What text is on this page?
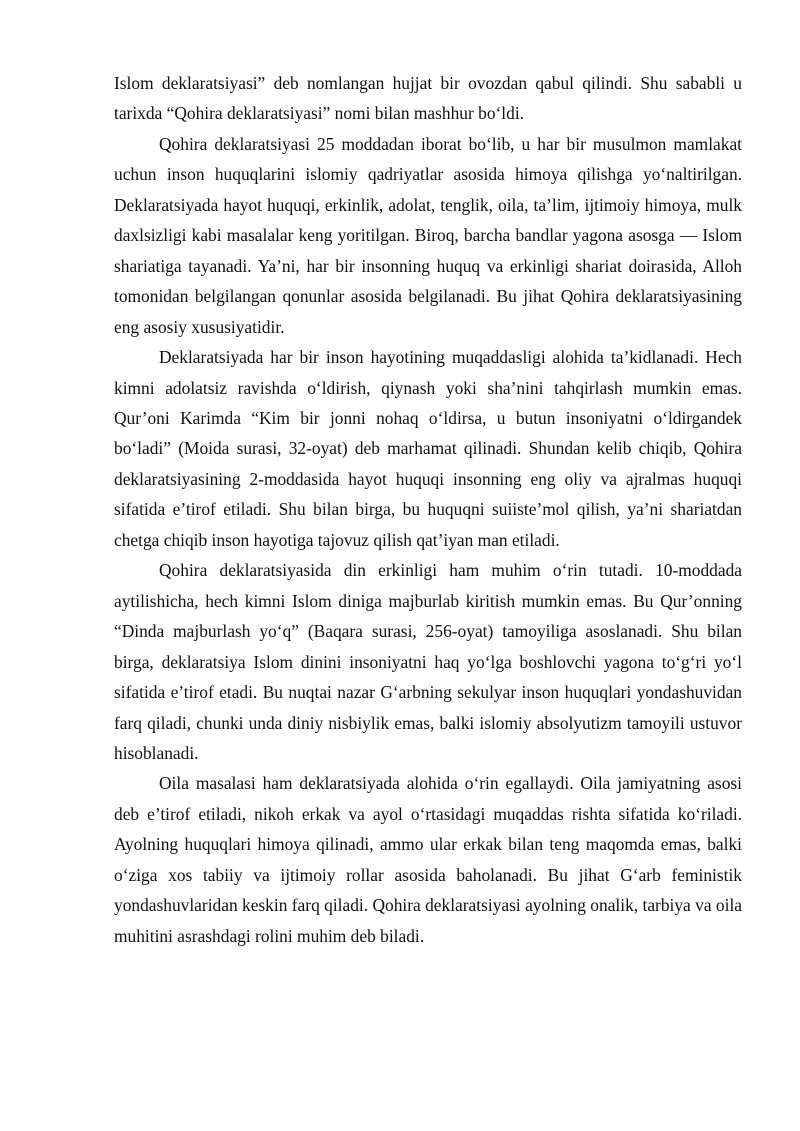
Islom deklaratsiyasi” deb nomlangan hujjat bir ovozdan qabul qilindi. Shu sababli u tarixda “Qohira deklaratsiyasi” nomi bilan mashhur bo‘ldi.

Qohira deklaratsiyasi 25 moddadan iborat bo‘lib, u har bir musulmon mamlakat uchun inson huquqlarini islomiy qadriyatlar asosida himoya qilishga yo‘naltirilgan. Deklaratsiyada hayot huquqi, erkinlik, adolat, tenglik, oila, ta’lim, ijtimoiy himoya, mulk daxlsizligi kabi masalalar keng yoritilgan. Biroq, barcha bandlar yagona asosga — Islom shariatiga tayanadi. Ya’ni, har bir insonning huquq va erkinligi shariat doirasida, Alloh tomonidan belgilangan qonunlar asosida belgilanadi. Bu jihat Qohira deklaratsiyasining eng asosiy xususiyatidir.

Deklaratsiyada har bir inson hayotining muqaddasligi alohida ta’kidlanadi. Hech kimni adolatsiz ravishda o‘ldirish, qiynash yoki sha’nini tahqirlash mumkin emas. Qur’oni Karimda “Kim bir jonni nohaq o‘ldirsa, u butun insoniyatni o‘ldirgandek bo‘ladi” (Moida surasi, 32-oyat) deb marhamat qilinadi. Shundan kelib chiqib, Qohira deklaratsiyasining 2-moddasida hayot huquqi insonning eng oliy va ajralmas huquqi sifatida e’tirof etiladi. Shu bilan birga, bu huquqni suiiste’mol qilish, ya’ni shariatdan chetga chiqib inson hayotiga tajovuz qilish qat’iyan man etiladi.

Qohira deklaratsiyasida din erkinligi ham muhim o‘rin tutadi. 10-moddada aytilishicha, hech kimni Islom diniga majburlab kiritish mumkin emas. Bu Qur’onning “Dinda majburlash yo‘q” (Baqara surasi, 256-oyat) tamoyiliga asoslanadi. Shu bilan birga, deklaratsiya Islom dinini insoniyatni haq yo‘lga boshlovchi yagona to‘g‘ri yo‘l sifatida e’tirof etadi. Bu nuqtai nazar G‘arbning sekulyar inson huquqlari yondashuvidan farq qiladi, chunki unda diniy nisbiylik emas, balki islomiy absolyutizm tamoyili ustuvor hisoblanadi.

Oila masalasi ham deklaratsiyada alohida o‘rin egallaydi. Oila jamiyatning asosi deb e’tirof etiladi, nikoh erkak va ayol o‘rtasidagi muqaddas rishta sifatida ko‘riladi. Ayolning huquqlari himoya qilinadi, ammo ular erkak bilan teng maqomda emas, balki o‘ziga xos tabiiy va ijtimoiy rollar asosida baholanadi. Bu jihat G‘arb feministik yondashuvlaridan keskin farq qiladi. Qohira deklaratsiyasi ayolning onalik, tarbiya va oila muhitini asrashdagi rolini muhim deb biladi.
